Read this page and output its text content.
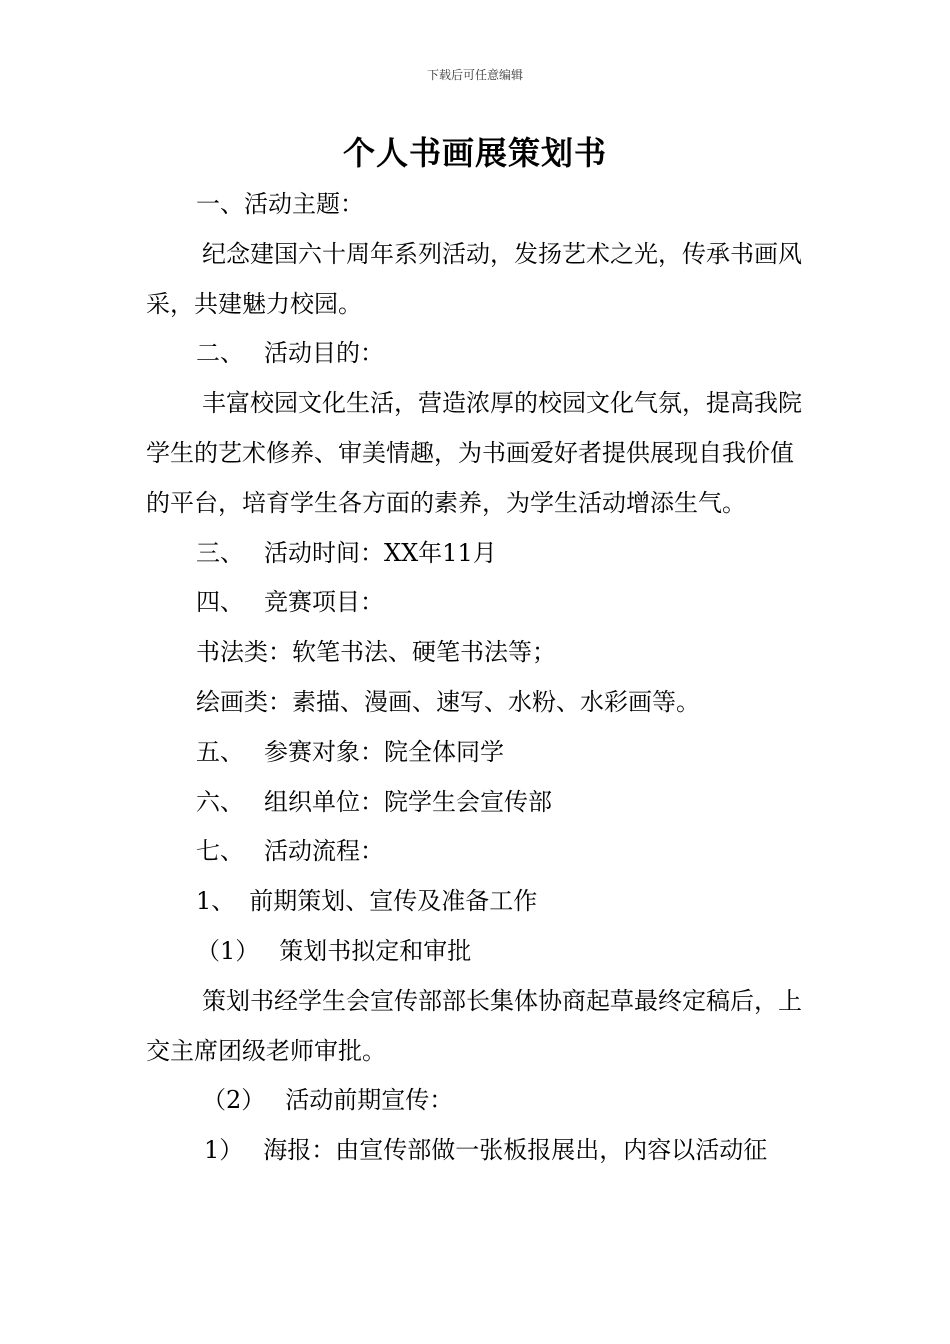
下载后可任意编辑
个人书画展策划书

一、活动主题：

纪念建国六十周年系列活动，发扬艺术之光，传承书画风采，共建魅力校园。

二、 活动目的：

丰富校园文化生活，营造浓厚的校园文化气氛，提高我院学生的艺术修养、审美情趣，为书画爱好者提供展现自我价值的平台，培育学生各方面的素养，为学生活动增添生气。

三、 活动时间：XX年11月

四、 竞赛项目：

书法类：软笔书法、硬笔书法等；

绘画类：素描、漫画、速写、水粉、水彩画等。

五、 参赛对象：院全体同学

六、 组织单位：院学生会宣传部

七、 活动流程：

1、 前期策划、宣传及准备工作

（1） 策划书拟定和审批

策划书经学生会宣传部部长集体协商起草最终定稿后，上交主席团级老师审批。

（2） 活动前期宣传：

1） 海报：由宣传部做一张板报展出，内容以活动征
